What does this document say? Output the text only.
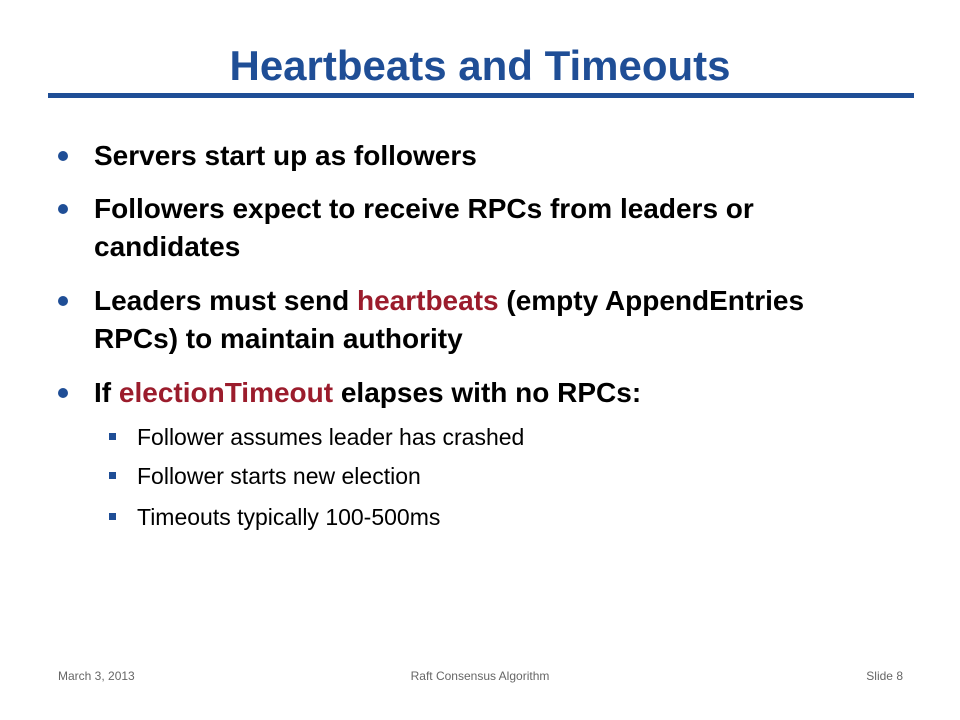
Heartbeats and Timeouts
Servers start up as followers
Followers expect to receive RPCs from leaders or candidates
Leaders must send heartbeats (empty AppendEntries RPCs) to maintain authority
If electionTimeout elapses with no RPCs:
Follower assumes leader has crashed
Follower starts new election
Timeouts typically 100-500ms
March 3, 2013	Raft Consensus Algorithm	Slide 8
